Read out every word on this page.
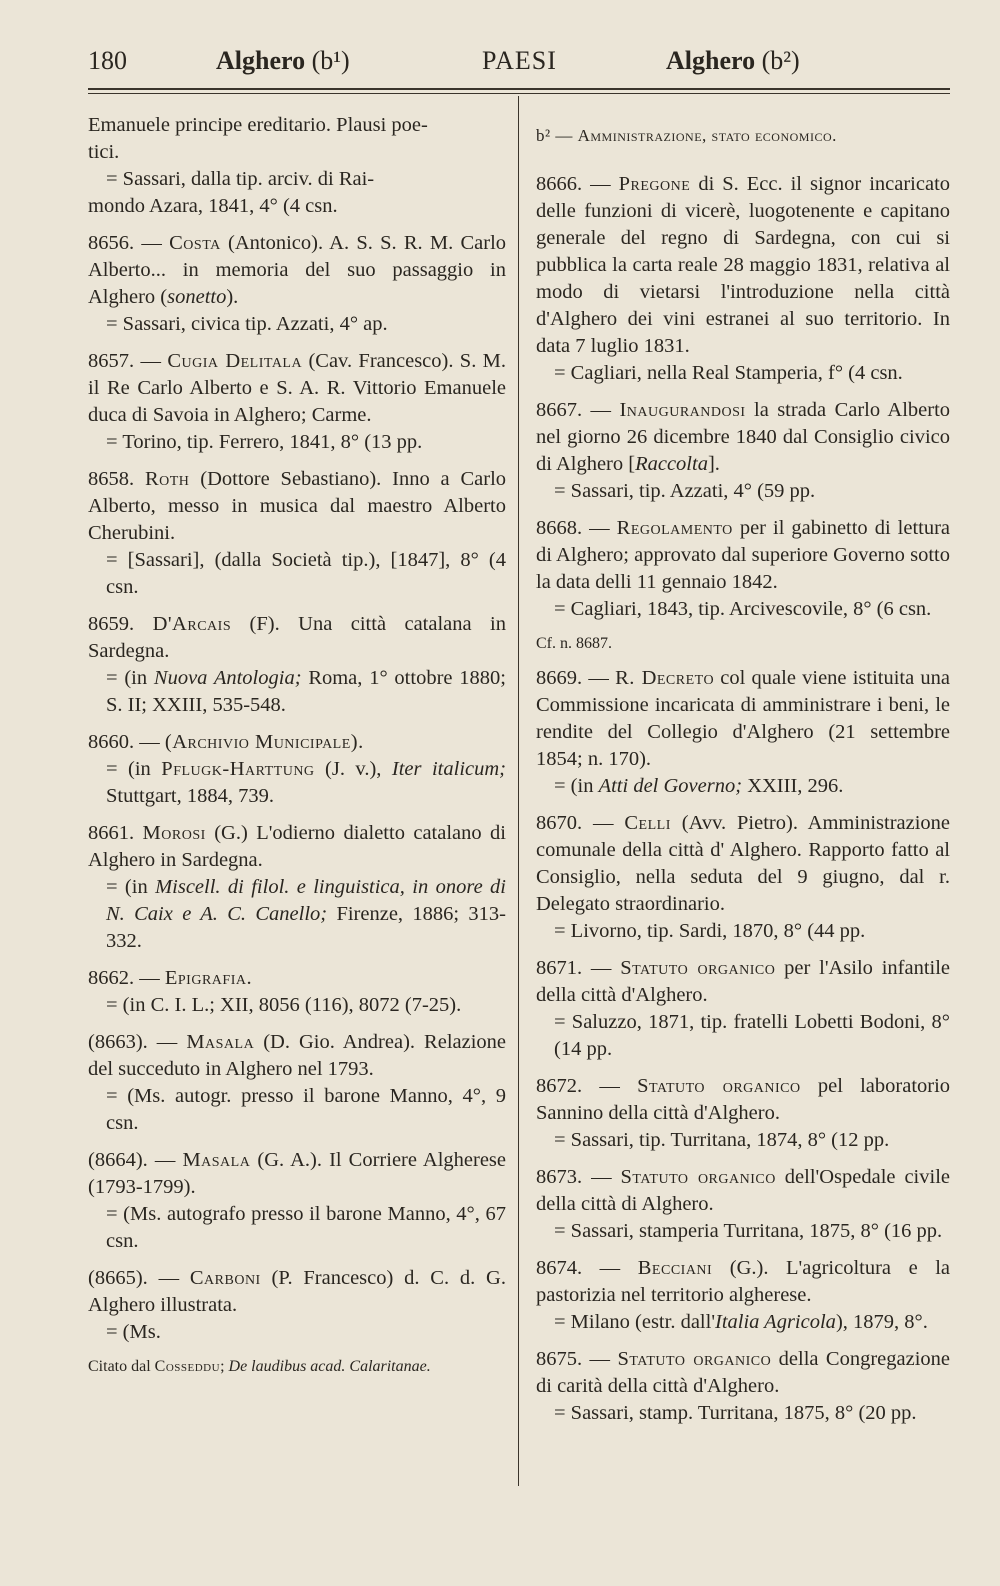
180	Alghero (b¹)	PAESI	Alghero (b²)

Emanuele principe ereditario. Plausi poe-

tici.

= Sassari, dalla tip. arciv. di Rai-

mondo Azara, 1841, 4° (4 csn.

8656. — Costa (Antonico). A. S. S. R. M. Carlo Alberto... in memoria del suo passaggio in Alghero (sonetto).

= Sassari, civica tip. Azzati, 4° ap.

8657. — Cugia Delitala (Cav. Francesco). S. M. il Re Carlo Alberto e S. A. R. Vittorio Emanuele duca di Savoia in Alghero; Carme.

= Torino, tip. Ferrero, 1841, 8° (13 pp.

8658. Roth (Dottore Sebastiano). Inno a Carlo Alberto, messo in musica dal maestro Alberto Cherubini.

= [Sassari], (dalla Società tip.), [1847], 8° (4 csn.

8659. D'Arcais (F). Una città catalana in Sardegna.

= (in Nuova Antologia; Roma, 1° ottobre 1880; S. II; XXIII, 535-548.

8660. — (Archivio Municipale).

= (in Pflugk-Harttung (J. v.), Iter italicum; Stuttgart, 1884, 739.

8661. Morosi (G.) L'odierno dialetto catalano di Alghero in Sardegna.

= (in Miscell. di filol. e linguistica, in onore di N. Caix e A. C. Canello; Firenze, 1886; 313-332.

8662. — Epigrafia.

= (in C. I. L.; XII, 8056 (116), 8072 (7-25).

(8663). — Masala (D. Gio. Andrea). Relazione del succeduto in Alghero nel 1793.

= (Ms. autogr. presso il barone Manno, 4°, 9 csn.

(8664). — Masala (G. A.). Il Corriere Algherese (1793-1799).

= (Ms. autografo presso il barone Manno, 4°, 67 csn.

(8665). — Carboni (P. Francesco) d. C. d. G. Alghero illustrata.

= (Ms.

Citato dal Cosseddu; De laudibus acad. Calaritanae.

b² — Amministrazione, stato economico.

8666. — Pregone di S. Ecc. il signor incaricato delle funzioni di vicerè, luogotenente e capitano generale del regno di Sardegna, con cui si pubblica la carta reale 28 maggio 1831, relativa al modo di vietarsi l'introduzione nella città d'Alghero dei vini estranei al suo territorio. In data 7 luglio 1831.

= Cagliari, nella Real Stamperia, f° (4 csn.

8667. — Inaugurandosi la strada Carlo Alberto nel giorno 26 dicembre 1840 dal Consiglio civico di Alghero [Raccolta].

= Sassari, tip. Azzati, 4° (59 pp.

8668. — Regolamento per il gabinetto di lettura di Alghero; approvato dal superiore Governo sotto la data delli 11 gennaio 1842.

= Cagliari, 1843, tip. Arcivescovile, 8° (6 csn.

Cf. n. 8687.

8669. — R. Decreto col quale viene istituita una Commissione incaricata di amministrare i beni, le rendite del Collegio d'Alghero (21 settembre 1854; n. 170).

= (in Atti del Governo; XXIII, 296.

8670. — Celli (Avv. Pietro). Amministrazione comunale della città d' Alghero. Rapporto fatto al Consiglio, nella seduta del 9 giugno, dal r. Delegato straordinario.

= Livorno, tip. Sardi, 1870, 8° (44 pp.

8671. — Statuto organico per l'Asilo infantile della città d'Alghero.

= Saluzzo, 1871, tip. fratelli Lobetti Bodoni, 8° (14 pp.

8672. — Statuto organico pel laboratorio Sannino della città d'Alghero.

= Sassari, tip. Turritana, 1874, 8° (12 pp.

8673. — Statuto organico dell'Ospedale civile della città di Alghero.

= Sassari, stamperia Turritana, 1875, 8° (16 pp.

8674. — Becciani (G.). L'agricoltura e la pastorizia nel territorio algherese.

= Milano (estr. dall'Italia Agricola), 1879, 8°.

8675. — Statuto organico della Congregazione di carità della città d'Alghero.

= Sassari, stamp. Turritana, 1875, 8° (20 pp.
